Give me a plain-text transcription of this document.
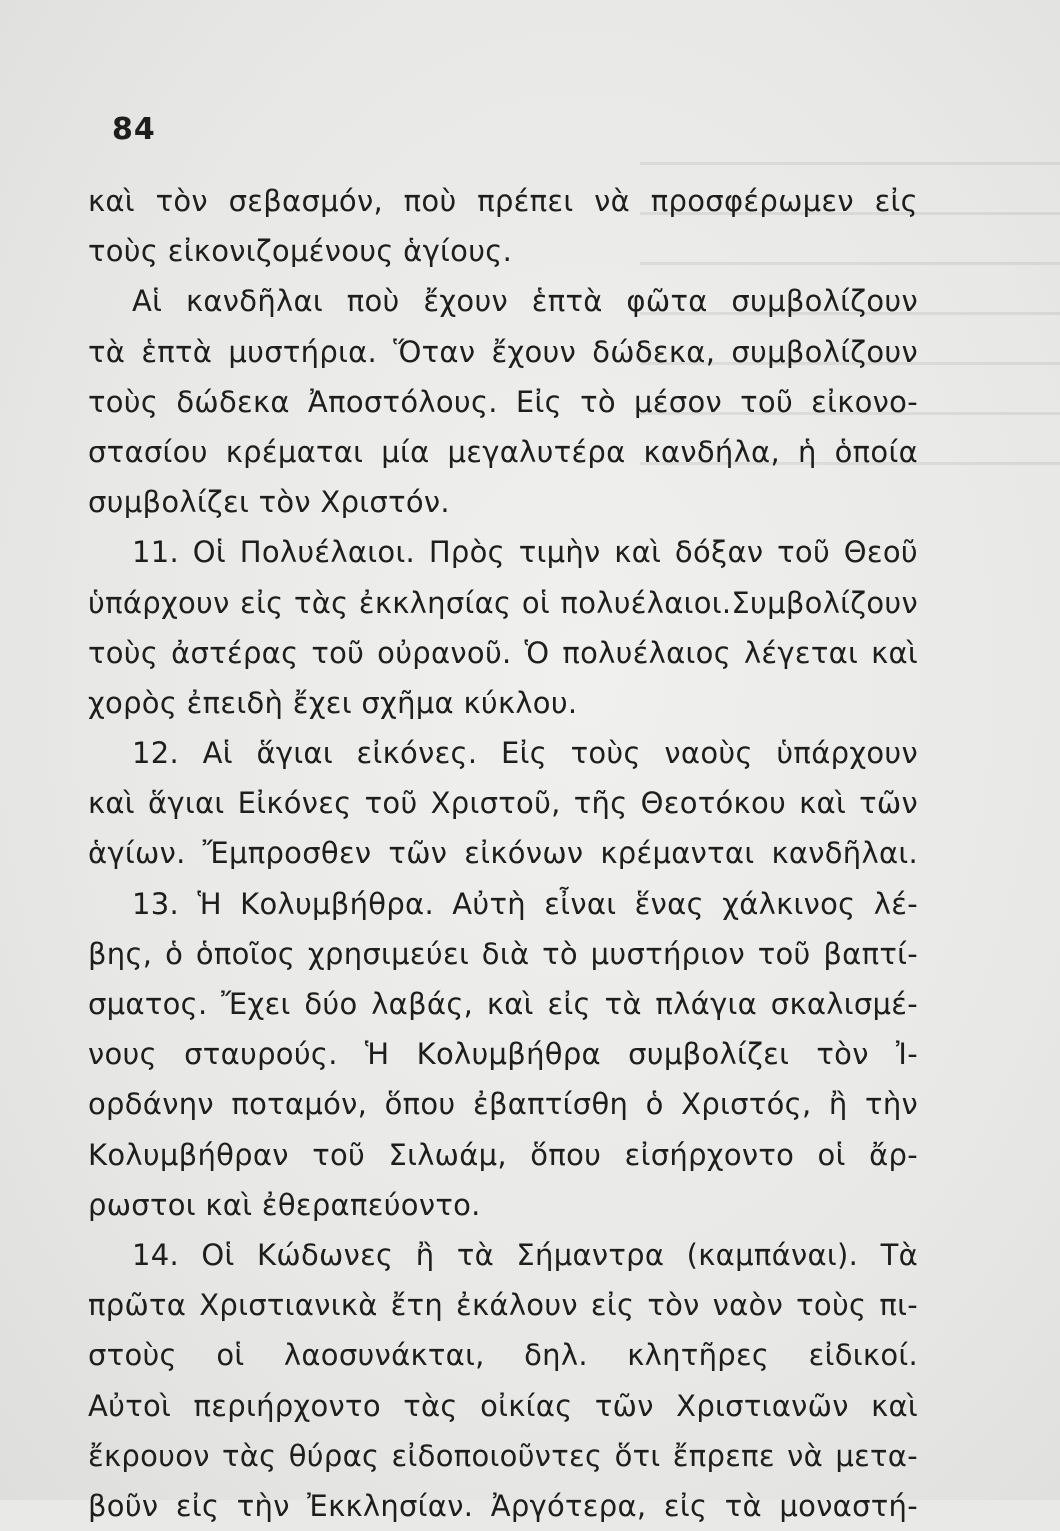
84
καὶ τὸν σεβασμόν, ποὺ πρέπει νὰ προσφέρωμεν εἰς
τοὺς εἰκονιζομένους ἁγίους.
Αἱ κανδῆλαι ποὺ ἔχουν ἑπτὰ φῶτα συμβολίζουν
τὰ ἑπτὰ μυστήρια. Ὅταν ἔχουν δώδεκα, συμβολίζουν
τοὺς δώδεκα Ἀποστόλους. Εἰς τὸ μέσον τοῦ εἰκονο-
στασίου κρέμαται μία μεγαλυτέρα κανδήλα, ἡ ὁποία
συμβολίζει τὸν Χριστόν.
11. Οἱ Πολυέλαιοι. Πρὸς τιμὴν καὶ δόξαν τοῦ Θεοῦ
ὑπάρχουν εἰς τὰς ἐκκλησίας οἱ πολυέλαιοι.Συμβολίζουν
τοὺς ἀστέρας τοῦ οὐρανοῦ. Ὁ πολυέλαιος λέγεται καὶ
χορὸς ἐπειδὴ ἔχει σχῆμα κύκλου.
12. Αἱ ἅγιαι εἰκόνες. Εἰς τοὺς ναοὺς ὑπάρχουν
καὶ ἅγιαι Εἰκόνες τοῦ Χριστοῦ, τῆς Θεοτόκου καὶ τῶν
ἁγίων. Ἔμπροσθεν τῶν εἰκόνων κρέμανται κανδῆλαι.
13. Ἡ Κολυμβήθρα. Αὐτὴ εἶναι ἕνας χάλκινος λέ-
βης, ὁ ὁποῖος χρησιμεύει διὰ τὸ μυστήριον τοῦ βαπτί-
σματος. Ἔχει δύο λαβάς, καὶ εἰς τὰ πλάγια σκαλισμέ-
νους σταυρούς. Ἡ Κολυμβήθρα συμβολίζει τὸν Ἰ-
ορδάνην ποταμόν, ὅπου ἐβαπτίσθη ὁ Χριστός, ἢ τὴν
Κολυμβήθραν τοῦ Σιλωάμ, ὅπου εἰσήρχοντο οἱ ἄρ-
ρωστοι καὶ ἐθεραπεύοντο.
14. Οἱ Κώδωνες ἢ τὰ Σήμαντρα (καμπάναι). Τὰ
πρῶτα Χριστιανικὰ ἔτη ἐκάλουν εἰς τὸν ναὸν τοὺς πι-
στοὺς οἱ λαοσυνάκται, δηλ. κλητῆρες εἰδικοί.
Αὐτοὶ περιήρχοντο τὰς οἰκίας τῶν Χριστιανῶν καὶ
ἔκρουον τὰς θύρας εἰδοποιοῦντες ὅτι ἔπρεπε νὰ μετα-
βοῦν εἰς τὴν Ἐκκλησίαν. Ἀργότερα, εἰς τὰ μοναστή-
